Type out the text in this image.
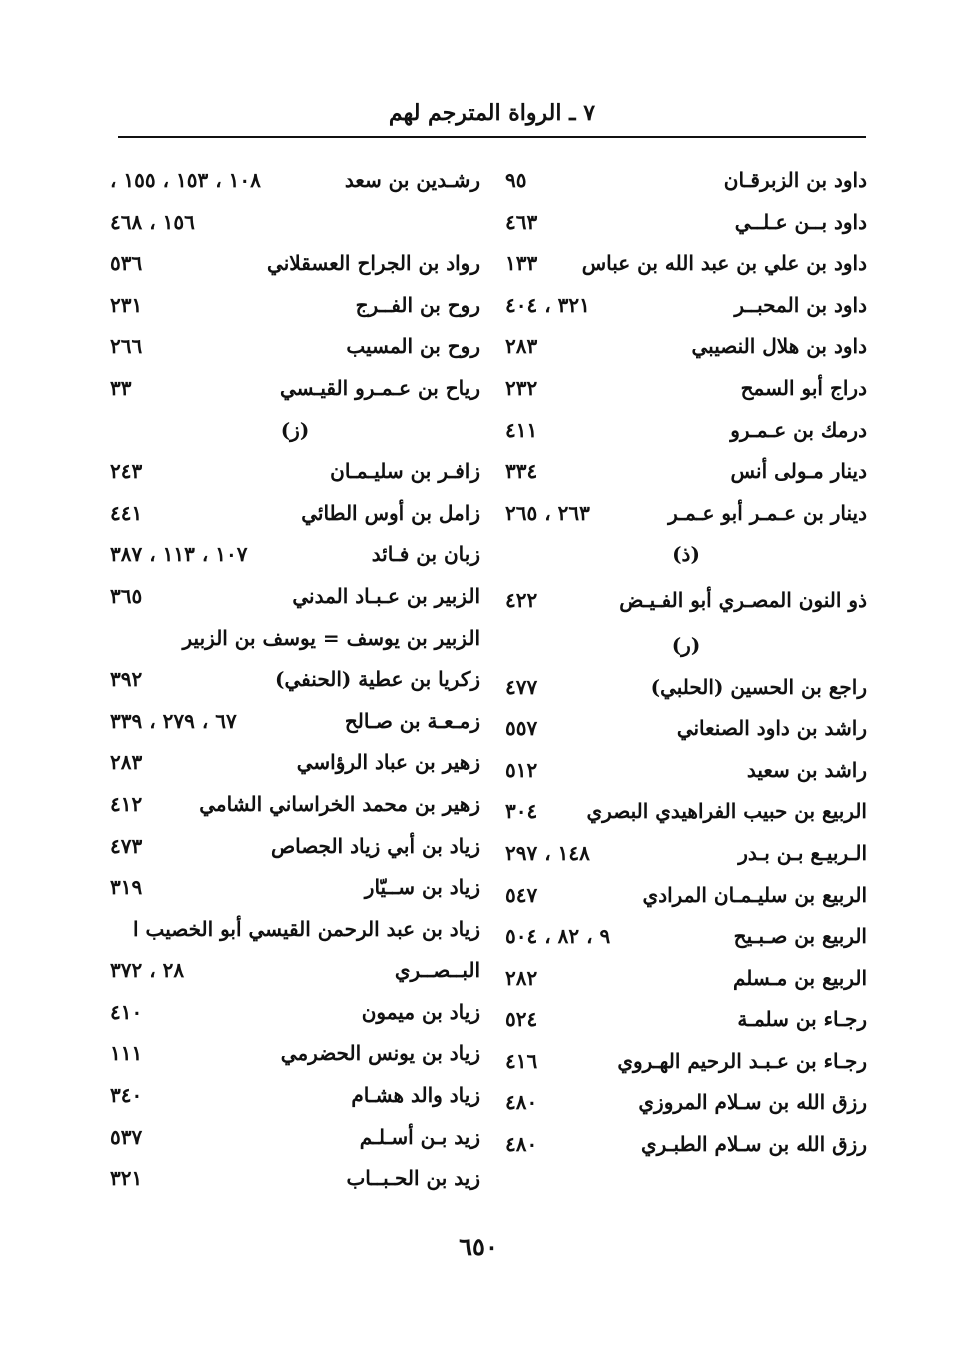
٧ ـ الرواة المترجم لهم
داود بن الزبرقـان
٩٥
داود بــن عـلــي
٤٦٣
داود بن علي بن عبد الله بن عباس
١٣٣
داود بن المحبــر
٣٢١ ، ٤٠٤
داود بن هلال النصيبي
٢٨٣
دراج أبو السمح
٢٣٢
درمك بن عـمـرو
٤١١
دينار مـولى أنس
٣٣٤
دينار بن عـمـر أبو عـمـر
٢٦٣ ، ٢٦٥
(ذ)
ذو النون المصـري أبو الفـيـض
٤٢٢
(ر)
راجع بن الحسين (الحلبي)
٤٧٧
راشد بن داود الصنعاني
٥٥٧
راشد بن سعيد
٥١٢
الربيع بن حبيب الفراهيدي البصري
٣٠٤
الـربيـع بـن بـدر
١٤٨ ، ٢٩٧
الربيع بن سليـمـان المرادي
٥٤٧
الربيع بن صـبـيح
٩ ، ٨٢ ، ٥٠٤
الربيع بن مـسلم
٢٨٢
رجـاء بن سلمـة
٥٢٤
رجـاء بن عـبـد الرحيم الهـروي
٤١٦
رزق الله بن سـلام المروزي
٤٨٠
رزق الله بن سـلام الطبـري
٤٨٠
رشـدين بن سعد
١٠٨ ، ١٥٣ ، ١٥٥ ،
١٥٦ ، ٤٦٨
رواد بن الجراح العسقلاني
٥٣٦
روح بن الفــرج
٢٣١
روح بن المسيب
٢٦٦
رياح بن عـمـرو القيـسي
٣٣
(ز)
زافـر بن سليـمـان
٢٤٣
زامل بن أوس الطائي
٤٤١
زبان بن فـائد
١٠٧ ، ١١٣ ، ٣٨٧
الزبير بن عـبـاد المدني
٣٦٥
الزبير بن يوسف = يوسف بن الزبير
زكريا بن عطية (الحنفي)
٣٩٢
زمـعـة بن صـالح
٦٧ ، ٢٧٩ ، ٣٣٩
زهير بن عباد الرؤاسي
٢٨٣
زهير بن محمد الخراساني الشامي
٤١٢
زياد بن أبي زياد الجصاص
٤٧٣
زياد بن ســيّار
٣١٩
زياد بن عبد الرحمن القيسي أبو الخصيب ا
البــصــري
٢٨ ، ٣٧٢
زياد بن ميمون
٤١٠
زياد بن يونس الحضرمي
١١١
زياد والد هشـام
٣٤٠
زيد بـن أسـلـم
٥٣٧
زيد بن الحـبــاب
٣٢١
٦٥٠
